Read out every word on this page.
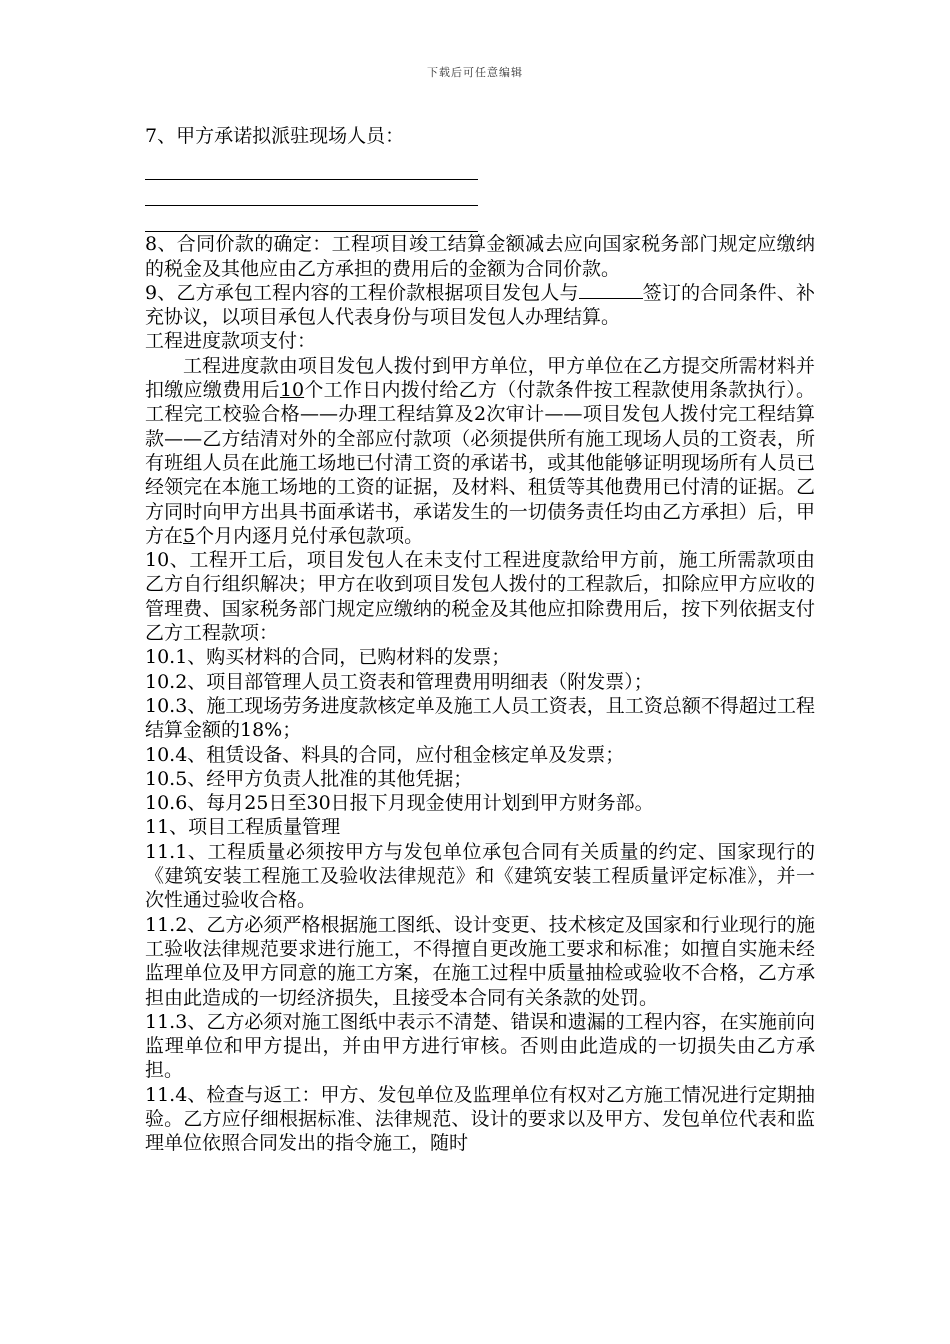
下载后可任意编辑

7、甲方承诺拟派驻现场人员：

8、合同价款的确定：工程项目竣工结算金额减去应向国家税务部门规定应缴纳的税金及其他应由乙方承担的费用后的金额为合同价款。

9、乙方承包工程内容的工程价款根据项目发包人与	签订的合同条件、补充协议，以项目承包人代表身份与项目发包人办理结算。

工程进度款项支付：

工程进度款由项目发包人拨付到甲方单位，甲方单位在乙方提交所需材料并扣缴应缴费用后10个工作日内拨付给乙方（付款条件按工程款使用条款执行）。工程完工校验合格——办理工程结算及2次审计——项目发包人拨付完工程结算款——乙方结清对外的全部应付款项（必须提供所有施工现场人员的工资表，所有班组人员在此施工场地已付清工资的承诺书，或其他能够证明现场所有人员已经领完在本施工场地的工资的证据，及材料、租赁等其他费用已付清的证据。乙方同时向甲方出具书面承诺书，承诺发生的一切债务责任均由乙方承担）后，甲方在5个月内逐月兑付承包款项。

10、工程开工后，项目发包人在未支付工程进度款给甲方前，施工所需款项由乙方自行组织解决；甲方在收到项目发包人拨付的工程款后，扣除应甲方应收的管理费、国家税务部门规定应缴纳的税金及其他应扣除费用后，按下列依据支付乙方工程款项：

10.1、购买材料的合同，已购材料的发票；

10.2、项目部管理人员工资表和管理费用明细表（附发票）；

10.3、施工现场劳务进度款核定单及施工人员工资表，且工资总额不得超过工程结算金额的18%；

10.4、租赁设备、料具的合同，应付租金核定单及发票；

10.5、经甲方负责人批准的其他凭据；

10.6、每月25日至30日报下月现金使用计划到甲方财务部。

11、项目工程质量管理

11.1、工程质量必须按甲方与发包单位承包合同有关质量的约定、国家现行的《建筑安装工程施工及验收法律规范》和《建筑安装工程质量评定标准》，并一次性通过验收合格。

11.2、乙方必须严格根据施工图纸、设计变更、技术核定及国家和行业现行的施工验收法律规范要求进行施工，不得擅自更改施工要求和标准；如擅自实施未经监理单位及甲方同意的施工方案，在施工过程中质量抽检或验收不合格，乙方承担由此造成的一切经济损失，且接受本合同有关条款的处罚。

11.3、乙方必须对施工图纸中表示不清楚、错误和遗漏的工程内容，在实施前向监理单位和甲方提出，并由甲方进行审核。否则由此造成的一切损失由乙方承担。

11.4、检查与返工：甲方、发包单位及监理单位有权对乙方施工情况进行定期抽验。乙方应仔细根据标准、法律规范、设计的要求以及甲方、发包单位代表和监理单位依照合同发出的指令施工，随时
